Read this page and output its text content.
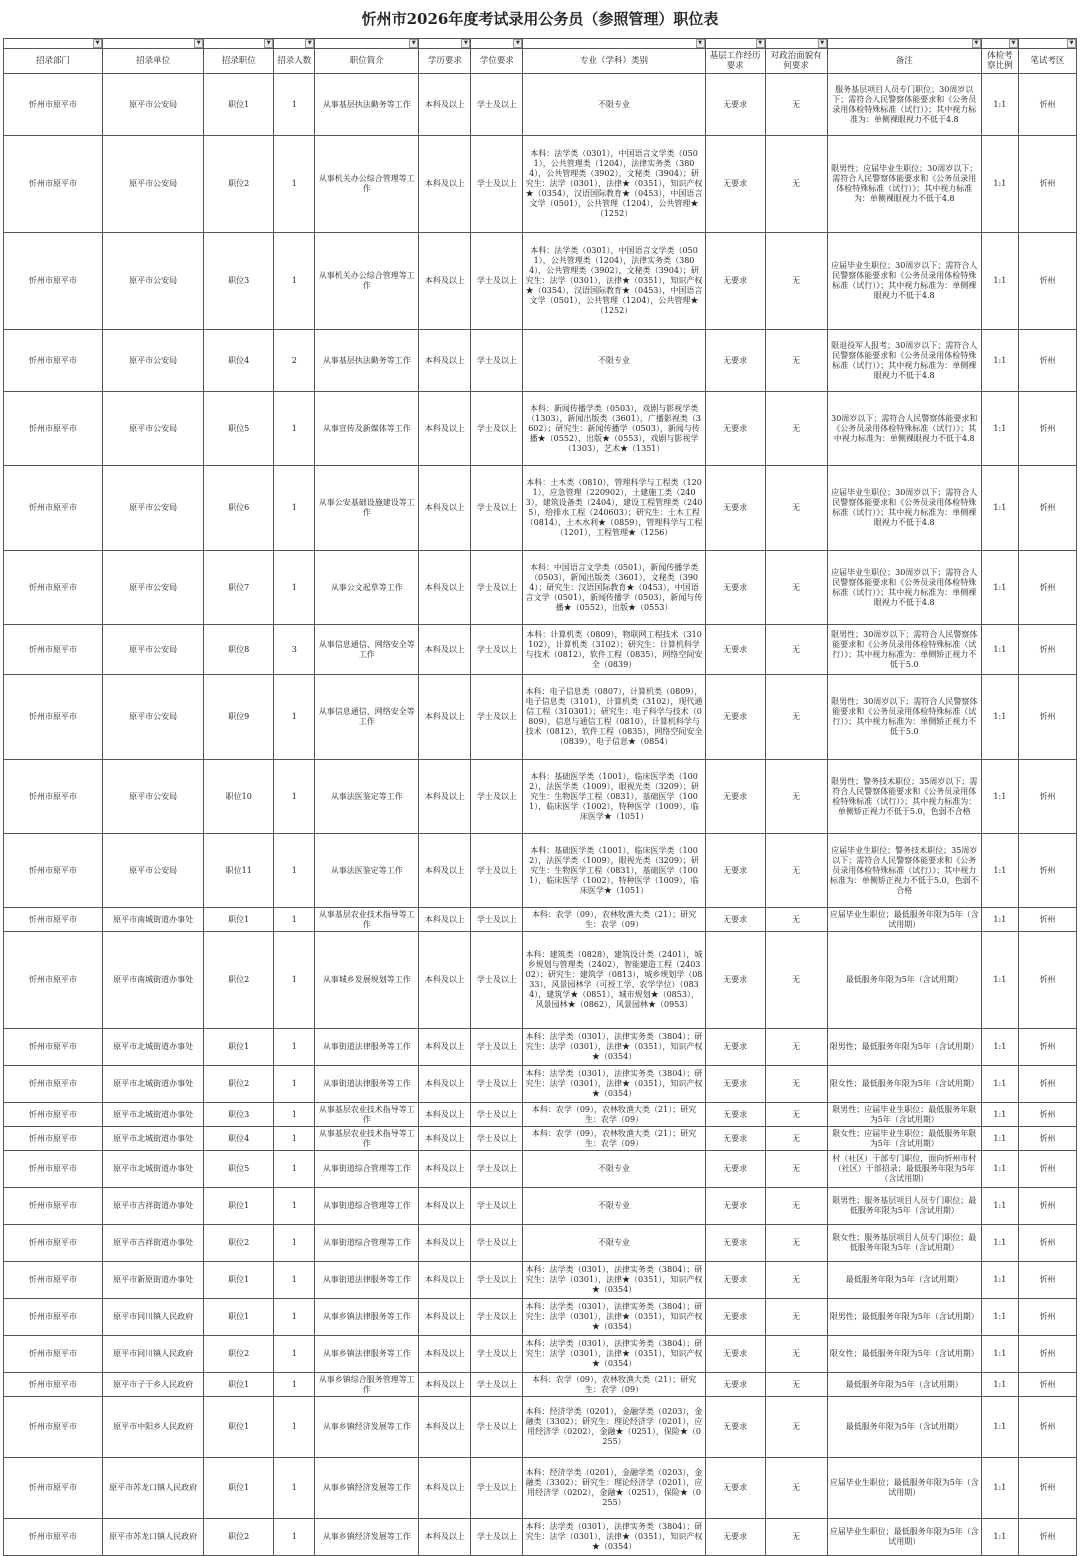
忻州市2026年度考试录用公务员（参照管理）职位表
▼	▼	▼	▼	▼	▼	▼	▼	▼	▼	▼	▼	▼

招录部门	招录单位	招录职位	招录人数	职位简介	学历要求	学位要求	专业（学科）类别	基层工作经历要求	对政治面貌有何要求	备注	体检考察比例	笔试考区
忻州市原平市	原平市公安局	职位1	1	从事基层执法勤务等工作	本科及以上	学士及以上	不限专业	无要求	无	服务基层项目人员专门职位；30周岁以下；需符合人民警察体能要求和《公务员录用体检特殊标准（试行）》；其中视力标准为：单侧裸眼视力不低于4.8	1:1	忻州
忻州市原平市	原平市公安局	职位2	1	从事机关办公综合管理等工作	本科及以上	学士及以上	本科：法学类（0301），中国语言文学类（0501），公共管理类（1204），法律实务类（3804），公共管理类（3902），文秘类（3904）；研究生：法学（0301），法律★（0351），知识产权★（0354），汉语国际教育★（0453），中国语言文学（0501），公共管理（1204），公共管理★（1252）	无要求	无	限男性；应届毕业生职位；30周岁以下；需符合人民警察体能要求和《公务员录用体检特殊标准（试行）》；其中视力标准为：单侧裸眼视力不低于4.8	1:1	忻州
忻州市原平市	原平市公安局	职位3	1	从事机关办公综合管理等工作	本科及以上	学士及以上	本科：法学类（0301），中国语言文学类（0501），公共管理类（1204），法律实务类（3804），公共管理类（3902），文秘类（3904）；研究生：法学（0301），法律★（0351），知识产权★（0354），汉语国际教育★（0453），中国语言文学（0501），公共管理（1204），公共管理★（1252）	无要求	无	应届毕业生职位；30周岁以下；需符合人民警察体能要求和《公务员录用体检特殊标准（试行）》；其中视力标准为：单侧裸眼视力不低于4.8	1:1	忻州
忻州市原平市	原平市公安局	职位4	2	从事基层执法勤务等工作	本科及以上	学士及以上	不限专业	无要求	无	限退役军人报考；30周岁以下；需符合人民警察体能要求和《公务员录用体检特殊标准（试行）》；其中视力标准为：单侧裸眼视力不低于4.8	1:1	忻州
忻州市原平市	原平市公安局	职位5	1	从事宣传及新媒体等工作	本科及以上	学士及以上	本科：新闻传播学类（0503），戏剧与影视学类（1303），新闻出版类（3601），广播影视类（3602）；研究生：新闻传播学（0503），新闻与传播★（0552），出版★（0553），戏剧与影视学（1303），艺术★（1351）	无要求	无	30周岁以下；需符合人民警察体能要求和《公务员录用体检特殊标准（试行）》；其中视力标准为：单侧裸眼视力不低于4.8	1:1	忻州
忻州市原平市	原平市公安局	职位6	1	从事公安基础设施建设等工作	本科及以上	学士及以上	本科：土木类（0810），管理科学与工程类（1201），应急管理（220902），土建施工类（2403），建筑设备类（2404），建设工程管理类（2405），给排水工程（240603）；研究生：土木工程（0814），土木水利★（0859），管理科学与工程（1201），工程管理★（1256）	无要求	无	应届毕业生职位；30周岁以下；需符合人民警察体能要求和《公务员录用体检特殊标准（试行）》；其中视力标准为：单侧裸眼视力不低于4.8	1:1	忻州
忻州市原平市	原平市公安局	职位7	1	从事公文起草等工作	本科及以上	学士及以上	本科：中国语言文学类（0501），新闻传播学类（0503），新闻出版类（3601），文秘类（3904）；研究生：汉语国际教育★（0453），中国语言文学（0501），新闻传播学（0503），新闻与传播★（0552），出版★（0553）	无要求	无	应届毕业生职位；30周岁以下；需符合人民警察体能要求和《公务员录用体检特殊标准（试行）》；其中视力标准为：单侧裸眼视力不低于4.8	1:1	忻州
忻州市原平市	原平市公安局	职位8	3	从事信息通信、网络安全等工作	本科及以上	学士及以上	本科：计算机类（0809），物联网工程技术（310102），计算机类（3102）；研究生：计算机科学与技术（0812），软件工程（0835），网络空间安全（0839）	无要求	无	限男性；30周岁以下；需符合人民警察体能要求和《公务员录用体检特殊标准（试行）》；其中视力标准为：单侧矫正视力不低于5.0	1:1	忻州
忻州市原平市	原平市公安局	职位9	1	从事信息通信、网络安全等工作	本科及以上	学士及以上	本科：电子信息类（0807），计算机类（0809），电子信息类（3101），计算机类（3102），现代通信工程（310301）；研究生：电子科学与技术（0809），信息与通信工程（0810），计算机科学与技术（0812），软件工程（0835），网络空间安全（0839），电子信息★（0854）	无要求	无	限男性；30周岁以下；需符合人民警察体能要求和《公务员录用体检特殊标准（试行）》；其中视力标准为：单侧矫正视力不低于5.0	1:1	忻州
忻州市原平市	原平市公安局	职位10	1	从事法医鉴定等工作	本科及以上	学士及以上	本科：基础医学类（1001），临床医学类（1002），法医学类（1009），眼视光类（3209）；研究生：生物医学工程（0831），基础医学（1001），临床医学（1002），特种医学（1009），临床医学★（1051）	无要求	无	限男性；警务技术职位；35周岁以下；需符合人民警察体能要求和《公务员录用体检特殊标准（试行）》；其中视力标准为：单侧矫正视力不低于5.0，色弱不合格	1:1	忻州
忻州市原平市	原平市公安局	职位11	1	从事法医鉴定等工作	本科及以上	学士及以上	本科：基础医学类（1001），临床医学类（1002），法医学类（1009），眼视光类（3209）；研究生：生物医学工程（0831），基础医学（1001），临床医学（1002），特种医学（1009），临床医学★（1051）	无要求	无	应届毕业生职位；警务技术职位；35周岁以下；需符合人民警察体能要求和《公务员录用体检特殊标准（试行）》；其中视力标准为：单侧矫正视力不低于5.0，色弱不合格	1:1	忻州
忻州市原平市	原平市南城街道办事处	职位1	1	从事基层农业技术指导等工作	本科及以上	学士及以上	本科：农学（09），农林牧渔大类（21）；研究生：农学（09）	无要求	无	应届毕业生职位；最低服务年限为5年（含试用期）	1:1	忻州
忻州市原平市	原平市南城街道办事处	职位2	1	从事城乡发展规划等工作	本科及以上	学士及以上	本科：建筑类（0828），建筑设计类（2401），城乡规划与管理类（2402），智能建造工程（240302）；研究生：建筑学（0813），城乡规划学（0833），风景园林学（可授工学、农学学位）（0834），建筑学★（0851），城市规划★（0853），风景园林★（0862），风景园林★（0953）	无要求	无	最低服务年限为5年（含试用期）	1:1	忻州
忻州市原平市	原平市北城街道办事处	职位1	1	从事街道法律服务等工作	本科及以上	学士及以上	本科：法学类（0301），法律实务类（3804）；研究生：法学（0301），法律★（0351），知识产权★（0354）	无要求	无	限男性；最低服务年限为5年（含试用期）	1:1	忻州
忻州市原平市	原平市北城街道办事处	职位2	1	从事街道法律服务等工作	本科及以上	学士及以上	本科：法学类（0301），法律实务类（3804）；研究生：法学（0301），法律★（0351），知识产权★（0354）	无要求	无	限女性；最低服务年限为5年（含试用期）	1:1	忻州
忻州市原平市	原平市北城街道办事处	职位3	1	从事基层农业技术指导等工作	本科及以上	学士及以上	本科：农学（09），农林牧渔大类（21）；研究生：农学（09）	无要求	无	限男性；应届毕业生职位；最低服务年限为5年（含试用期）	1:1	忻州
忻州市原平市	原平市北城街道办事处	职位4	1	从事基层农业技术指导等工作	本科及以上	学士及以上	本科：农学（09），农林牧渔大类（21）；研究生：农学（09）	无要求	无	限女性；应届毕业生职位；最低服务年限为5年（含试用期）	1:1	忻州
忻州市原平市	原平市北城街道办事处	职位5	1	从事街道综合管理等工作	本科及以上	学士及以上	不限专业	无要求	无	村（社区）干部专门职位，面向忻州市村（社区）干部招录；最低服务年限为5年（含试用期）	1:1	忻州
忻州市原平市	原平市吉祥街道办事处	职位1	1	从事街道综合管理等工作	本科及以上	学士及以上	不限专业	无要求	无	限男性；服务基层项目人员专门职位；最低服务年限为5年（含试用期）	1:1	忻州
忻州市原平市	原平市吉祥街道办事处	职位2	1	从事街道综合管理等工作	本科及以上	学士及以上	不限专业	无要求	无	限女性；服务基层项目人员专门职位；最低服务年限为5年（含试用期）	1:1	忻州
忻州市原平市	原平市新原街道办事处	职位1	1	从事街道法律服务等工作	本科及以上	学士及以上	本科：法学类（0301），法律实务类（3804）；研究生：法学（0301），法律★（0351），知识产权★（0354）	无要求	无	最低服务年限为5年（含试用期）	1:1	忻州
忻州市原平市	原平市同川镇人民政府	职位1	1	从事乡镇法律服务等工作	本科及以上	学士及以上	本科：法学类（0301），法律实务类（3804）；研究生：法学（0301），法律★（0351），知识产权★（0354）	无要求	无	限男性；最低服务年限为5年（含试用期）	1:1	忻州
忻州市原平市	原平市同川镇人民政府	职位2	1	从事乡镇法律服务等工作	本科及以上	学士及以上	本科：法学类（0301），法律实务类（3804）；研究生：法学（0301），法律★（0351），知识产权★（0354）	无要求	无	限女性；最低服务年限为5年（含试用期）	1:1	忻州
忻州市原平市	原平市子干乡人民政府	职位1	1	从事乡镇综合服务管理等工作	本科及以上	学士及以上	本科：农学（09），农林牧渔大类（21）；研究生：农学（09）	无要求	无	最低服务年限为5年（含试用期）	1:1	忻州
忻州市原平市	原平市中阳乡人民政府	职位1	1	从事乡镇经济发展等工作	本科及以上	学士及以上	本科：经济学类（0201），金融学类（0203），金融类（3302）；研究生：理论经济学（0201），应用经济学（0202），金融★（0251），保险★（0255）	无要求	无	最低服务年限为5年（含试用期）	1:1	忻州
忻州市原平市	原平市苏龙口镇人民政府	职位1	1	从事乡镇经济发展等工作	本科及以上	学士及以上	本科：经济学类（0201），金融学类（0203），金融类（3302）；研究生：理论经济学（0201），应用经济学（0202），金融★（0251），保险★（0255）	无要求	无	应届毕业生职位；最低服务年限为5年（含试用期）	1:1	忻州
忻州市原平市	原平市苏龙口镇人民政府	职位2	1	从事乡镇经济发展等工作	本科及以上	学士及以上	本科：法学类（0301），法律实务类（3804）；研究生：法学（0301），法律★（0351），知识产权★（0354）	无要求	无	应届毕业生职位；最低服务年限为5年（含试用期）	1:1	忻州
